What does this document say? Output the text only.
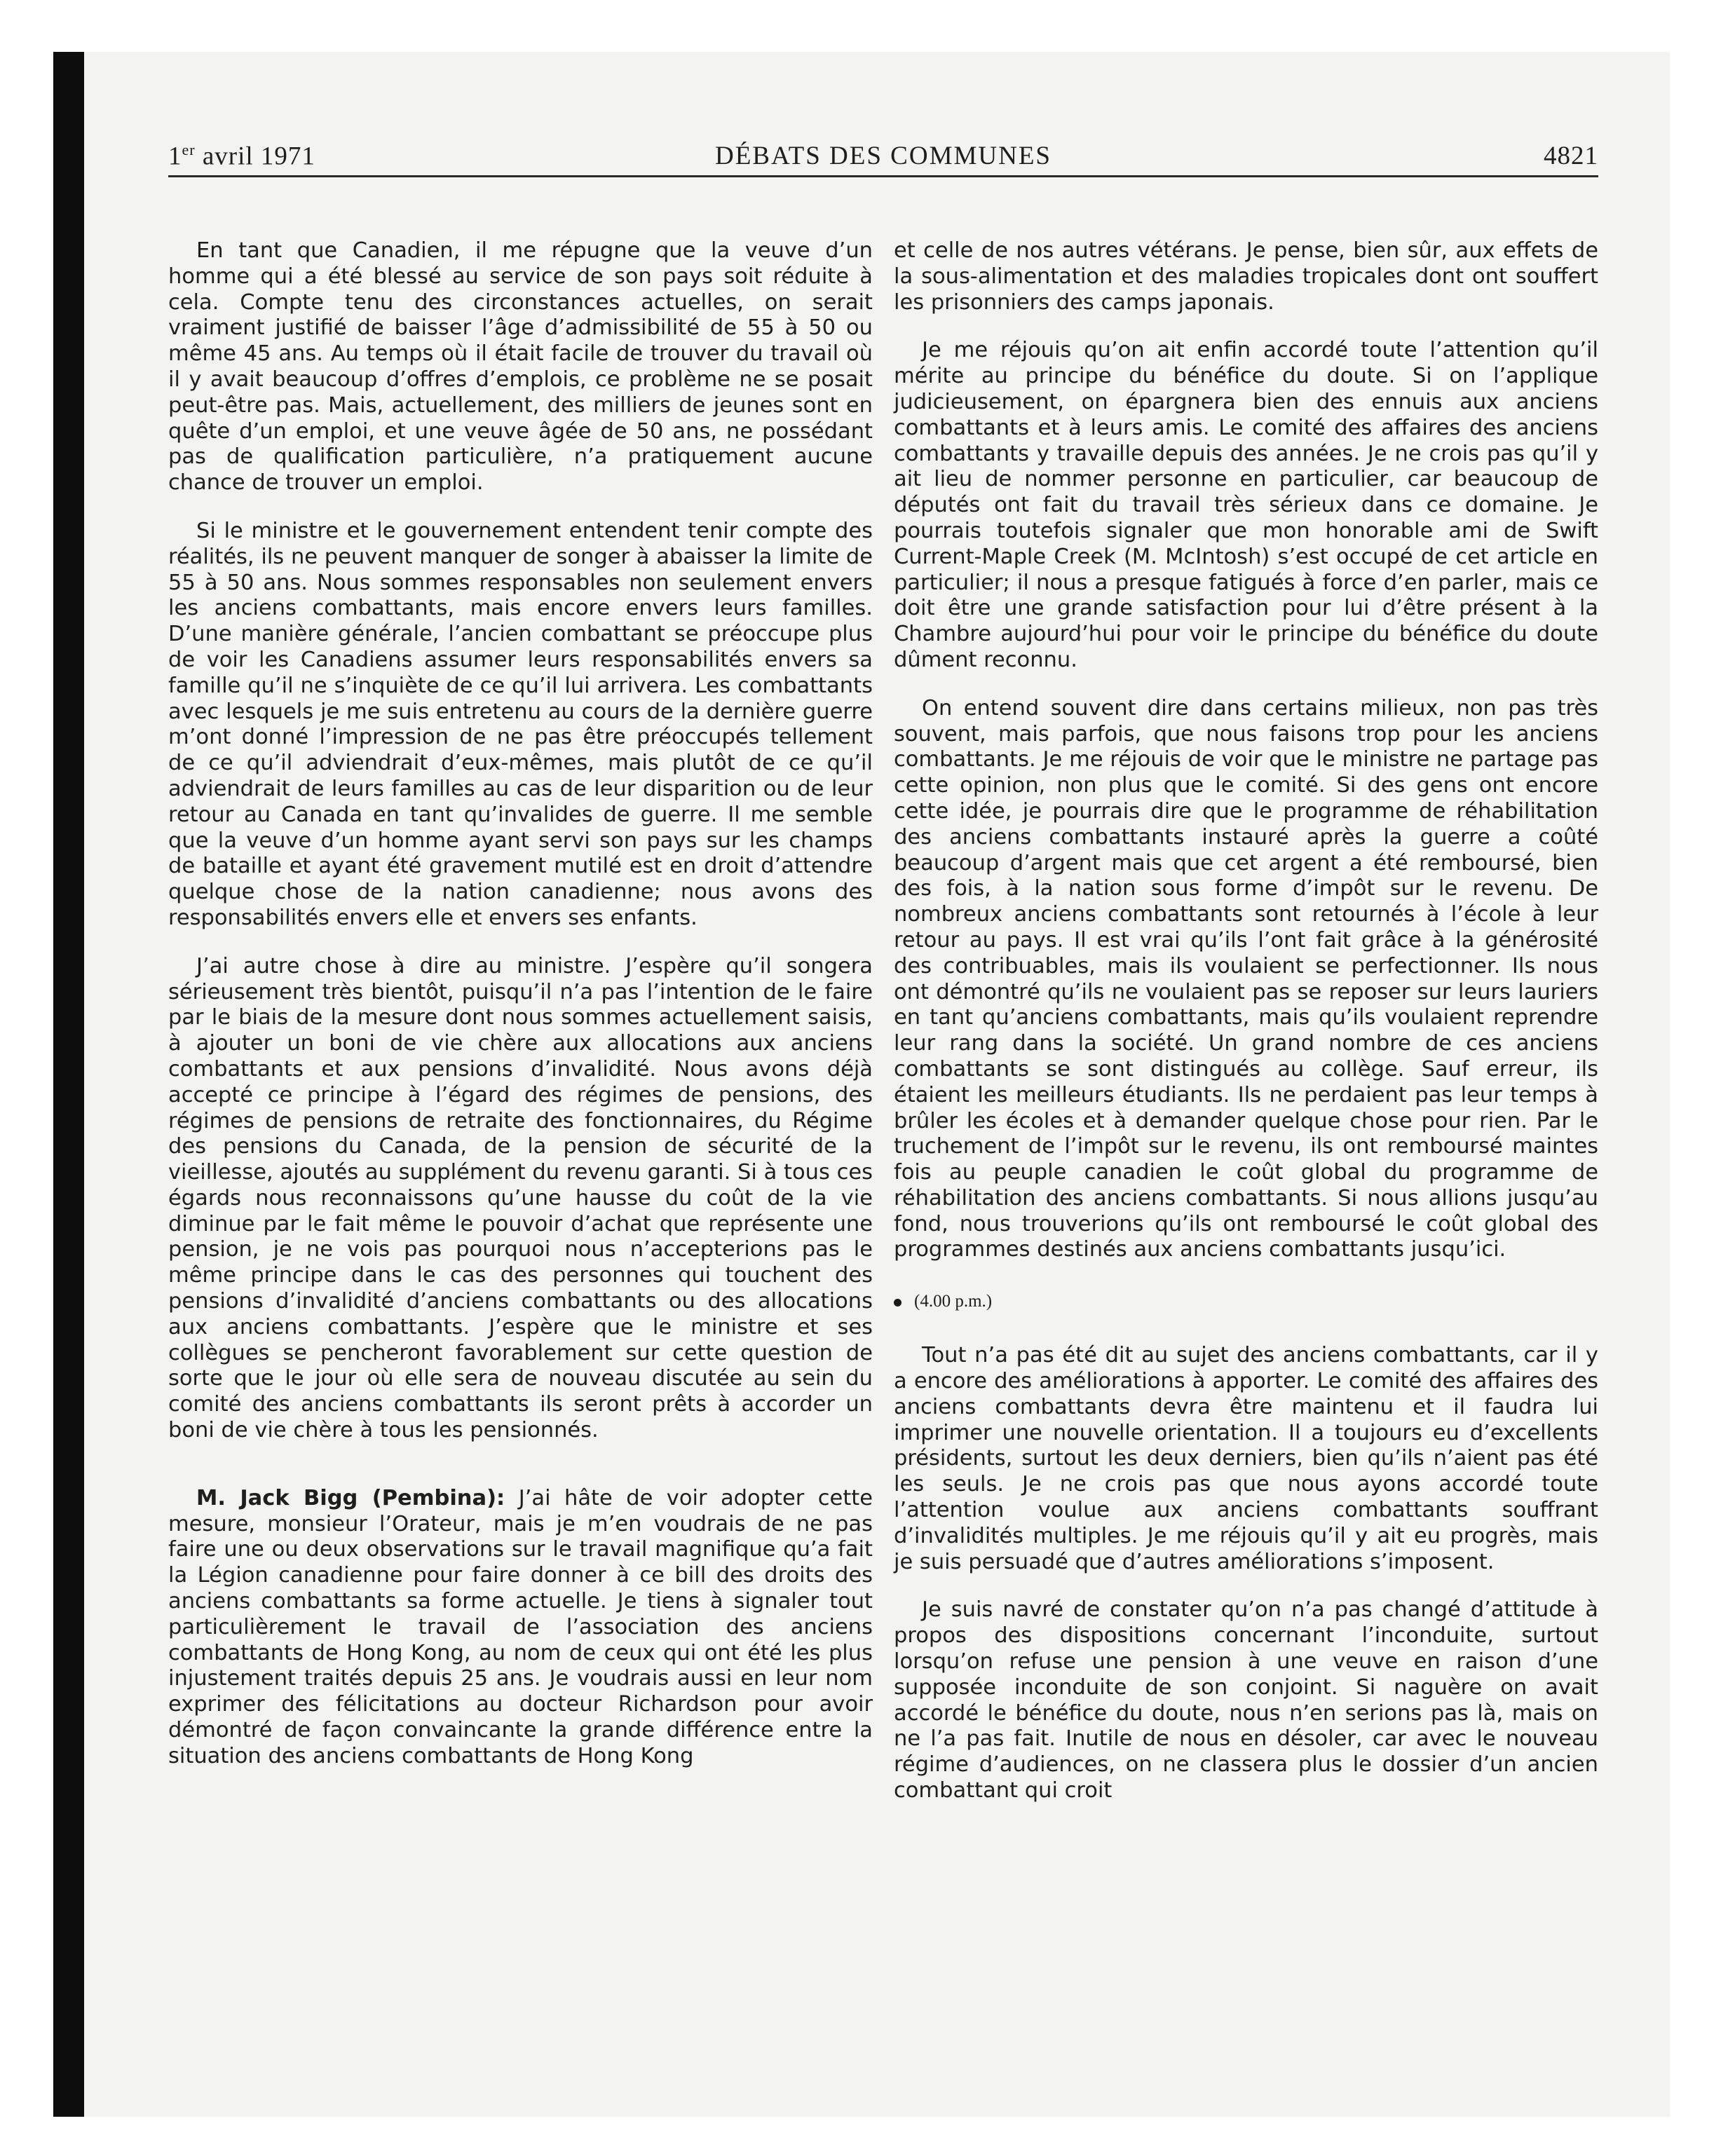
1er avril 1971	DÉBATS DES COMMUNES	4821

En tant que Canadien, il me répugne que la veuve d’un homme qui a été blessé au service de son pays soit réduite à cela. Compte tenu des circonstances actuelles, on serait vraiment justifié de baisser l’âge d’admissibilité de 55 à 50 ou même 45 ans. Au temps où il était facile de trouver du travail où il y avait beaucoup d’offres d’emplois, ce problème ne se posait peut-être pas. Mais, actuellement, des milliers de jeunes sont en quête d’un emploi, et une veuve âgée de 50 ans, ne possédant pas de qualification particulière, n’a pratiquement aucune chance de trouver un emploi.

Si le ministre et le gouvernement entendent tenir compte des réalités, ils ne peuvent manquer de songer à abaisser la limite de 55 à 50 ans. Nous sommes responsables non seulement envers les anciens combattants, mais encore envers leurs familles. D’une manière générale, l’ancien combattant se préoccupe plus de voir les Canadiens assumer leurs responsabilités envers sa famille qu’il ne s’inquiète de ce qu’il lui arrivera. Les combattants avec lesquels je me suis entretenu au cours de la dernière guerre m’ont donné l’impression de ne pas être préoccupés tellement de ce qu’il adviendrait d’eux-mêmes, mais plutôt de ce qu’il adviendrait de leurs familles au cas de leur disparition ou de leur retour au Canada en tant qu’invalides de guerre. Il me semble que la veuve d’un homme ayant servi son pays sur les champs de bataille et ayant été gravement mutilé est en droit d’attendre quelque chose de la nation canadienne; nous avons des responsabilités envers elle et envers ses enfants.

J’ai autre chose à dire au ministre. J’espère qu’il songera sérieusement très bientôt, puisqu’il n’a pas l’intention de le faire par le biais de la mesure dont nous sommes actuellement saisis, à ajouter un boni de vie chère aux allocations aux anciens combattants et aux pensions d’invalidité. Nous avons déjà accepté ce principe à l’égard des régimes de pensions, des régimes de pensions de retraite des fonctionnaires, du Régime des pensions du Canada, de la pension de sécurité de la vieillesse, ajoutés au supplément du revenu garanti. Si à tous ces égards nous reconnaissons qu’une hausse du coût de la vie diminue par le fait même le pouvoir d’achat que représente une pension, je ne vois pas pourquoi nous n’accepterions pas le même principe dans le cas des personnes qui touchent des pensions d’invalidité d’anciens combattants ou des allocations aux anciens combattants. J’espère que le ministre et ses collègues se pencheront favorablement sur cette question de sorte que le jour où elle sera de nouveau discutée au sein du comité des anciens combattants ils seront prêts à accorder un boni de vie chère à tous les pensionnés.

M. Jack Bigg (Pembina): J’ai hâte de voir adopter cette mesure, monsieur l’Orateur, mais je m’en voudrais de ne pas faire une ou deux observations sur le travail magnifique qu’a fait la Légion canadienne pour faire donner à ce bill des droits des anciens combattants sa forme actuelle. Je tiens à signaler tout particulièrement le travail de l’association des anciens combattants de Hong Kong, au nom de ceux qui ont été les plus injustement traités depuis 25 ans. Je voudrais aussi en leur nom exprimer des félicitations au docteur Richardson pour avoir démontré de façon convaincante la grande différence entre la situation des anciens combattants de Hong Kong

et celle de nos autres vétérans. Je pense, bien sûr, aux effets de la sous-alimentation et des maladies tropicales dont ont souffert les prisonniers des camps japonais.

Je me réjouis qu’on ait enfin accordé toute l’attention qu’il mérite au principe du bénéfice du doute. Si on l’applique judicieusement, on épargnera bien des ennuis aux anciens combattants et à leurs amis. Le comité des affaires des anciens combattants y travaille depuis des années. Je ne crois pas qu’il y ait lieu de nommer personne en particulier, car beaucoup de députés ont fait du travail très sérieux dans ce domaine. Je pourrais toutefois signaler que mon honorable ami de Swift Current-Maple Creek (M. McIntosh) s’est occupé de cet article en particulier; il nous a presque fatigués à force d’en parler, mais ce doit être une grande satisfaction pour lui d’être présent à la Chambre aujourd’hui pour voir le principe du bénéfice du doute dûment reconnu.

On entend souvent dire dans certains milieux, non pas très souvent, mais parfois, que nous faisons trop pour les anciens combattants. Je me réjouis de voir que le ministre ne partage pas cette opinion, non plus que le comité. Si des gens ont encore cette idée, je pourrais dire que le programme de réhabilitation des anciens combattants instauré après la guerre a coûté beaucoup d’argent mais que cet argent a été remboursé, bien des fois, à la nation sous forme d’impôt sur le revenu. De nombreux anciens combattants sont retournés à l’école à leur retour au pays. Il est vrai qu’ils l’ont fait grâce à la générosité des contribuables, mais ils voulaient se perfectionner. Ils nous ont démontré qu’ils ne voulaient pas se reposer sur leurs lauriers en tant qu’anciens combattants, mais qu’ils voulaient reprendre leur rang dans la société. Un grand nombre de ces anciens combattants se sont distingués au collège. Sauf erreur, ils étaient les meilleurs étudiants. Ils ne perdaient pas leur temps à brûler les écoles et à demander quelque chose pour rien. Par le truchement de l’impôt sur le revenu, ils ont remboursé maintes fois au peuple canadien le coût global du programme de réhabilitation des anciens combattants. Si nous allions jusqu’au fond, nous trouverions qu’ils ont remboursé le coût global des programmes destinés aux anciens combattants jusqu’ici.

(4.00 p.m.)

Tout n’a pas été dit au sujet des anciens combattants, car il y a encore des améliorations à apporter. Le comité des affaires des anciens combattants devra être maintenu et il faudra lui imprimer une nouvelle orientation. Il a toujours eu d’excellents présidents, surtout les deux derniers, bien qu’ils n’aient pas été les seuls. Je ne crois pas que nous ayons accordé toute l’attention voulue aux anciens combattants souffrant d’invalidités multiples. Je me réjouis qu’il y ait eu progrès, mais je suis persuadé que d’autres améliorations s’imposent.

Je suis navré de constater qu’on n’a pas changé d’attitude à propos des dispositions concernant l’inconduite, surtout lorsqu’on refuse une pension à une veuve en raison d’une supposée inconduite de son conjoint. Si naguère on avait accordé le bénéfice du doute, nous n’en serions pas là, mais on ne l’a pas fait. Inutile de nous en désoler, car avec le nouveau régime d’audiences, on ne classera plus le dossier d’un ancien combattant qui croit
